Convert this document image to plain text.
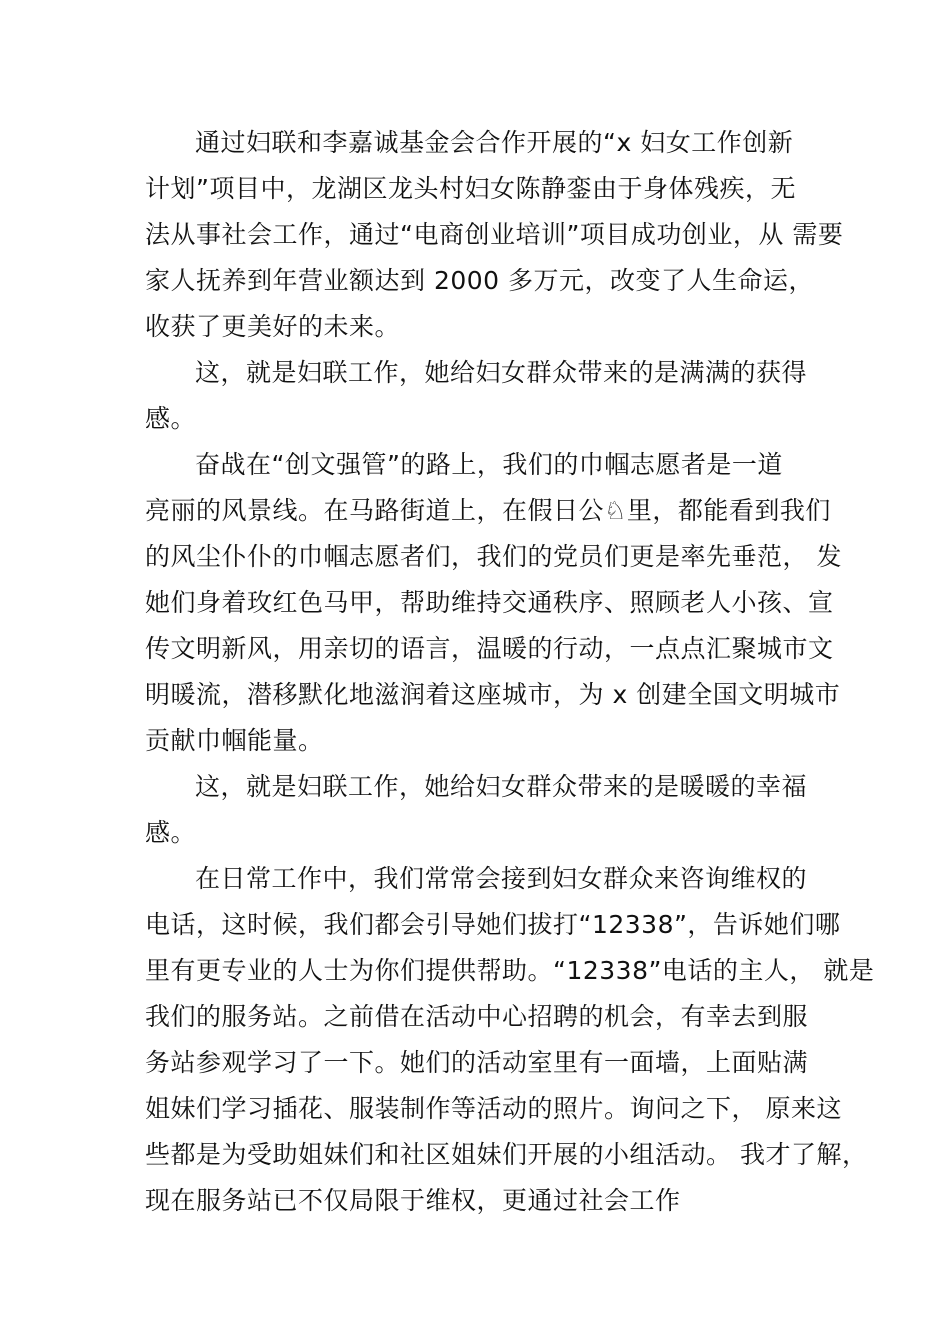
通过妇联和李嘉诚基金会合作开展的“x 妇女工作创新
计划”项目中，龙湖区龙头村妇女陈静銮由于身体残疾，无
法从事社会工作，通过“电商创业培训”项目成功创业，从 需要
家人抚养到年营业额达到 2000 多万元，改变了人生命运，
收获了更美好的未来。
这，就是妇联工作，她给妇女群众带来的是满满的获得
感。
奋战在“创文强管”的路上，我们的巾帼志愿者是一道
亮丽的风景线。在马路街道上，在假日公♘里，都能看到我们
的风尘仆仆的巾帼志愿者们，我们的党员们更是率先垂范， 发
她们身着玫红色马甲，帮助维持交通秩序、照顾老人小孩、宣
传文明新风，用亲切的语言，温暖的行动，一点点汇聚城市文
明暖流，潜移默化地滋润着这座城市，为 x 创建全国文明城市
贡献巾帼能量。
这，就是妇联工作，她给妇女群众带来的是暖暖的幸福
感。
在日常工作中，我们常常会接到妇女群众来咨询维权的
电话，这时候，我们都会引导她们拔打“12338”，告诉她们哪
里有更专业的人士为你们提供帮助。“12338”电话的主人， 就是
我们的服务站。之前借在活动中心招聘的机会，有幸去到服
务站参观学习了一下。她们的活动室里有一面墙，上面贴满
姐妹们学习插花、服装制作等活动的照片。询问之下， 原来这
些都是为受助姐妹们和社区姐妹们开展的小组活动。 我才了解，
现在服务站已不仅局限于维权，更通过社会工作
